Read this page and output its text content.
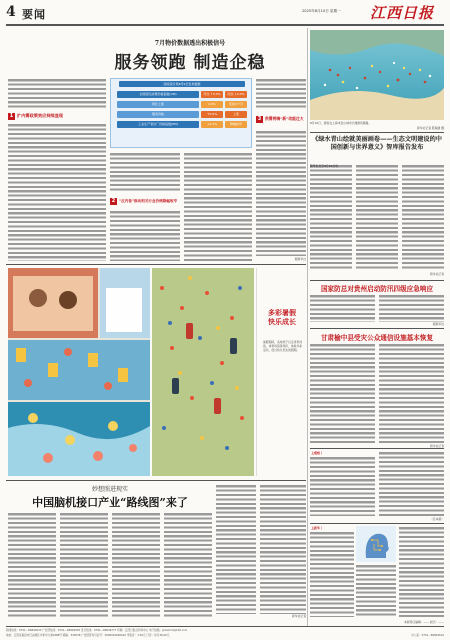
4 要闻	2025年8月10日 星期一 江西日报
7月物价数据透出积极信号
服务领跑 制造企稳
国家统计局8月9日发布数据
全国居民消费价格指数(CPI)	环比 ↑0.4%	同比 ↓0.4%
同比上涨	0.8%	连续3个月
服务价格	↑0.6%	上涨
工业生产者出厂价格指数(PPI)	↓0.2%	降幅收窄
1 扩内需政策效应持续显现
2	“反内卷”推动相关行业价格降幅收窄
3 供需两端“新”动能壮大
据新华社
8月10日，游客在上海市金山城市沙滩游玩避暑。
新华社记者 陈瑞建 摄
《绿水青山绘就美丽画卷——生态文明建设的中国创新与世界意义》智库报告发布
新华社北京8月10日电
新华社记者
国家防总对贵州启动防汛四级应急响应
据新华社
甘肃榆中县受灾公众通信设施基本恢复
新华社记者
多彩暑假快乐成长
暑假期间，各地孩子们走进科技馆、体育场馆等场所，体验多彩活动，度过快乐充实的假期。
妙想照进现实
中国脑机接口产业“路线图”来了
新华社记者
上观察丨
（吕本富）
上新华丨
本版责任编辑：—— 版式：——
新闻热线：0791—86849933 广告部热线：0791—86849955 发行热线：0791—86849777 印刷：江西日报社印务中心 电子信箱：jxrbwhm@126.com
地址：江西省南昌市红谷滩区丰和中大道1888号 邮编：330038 广告经营许可证号：3600004000002 零售价：1.50元 订价：每月36.00元	办公室：0791—86849610
